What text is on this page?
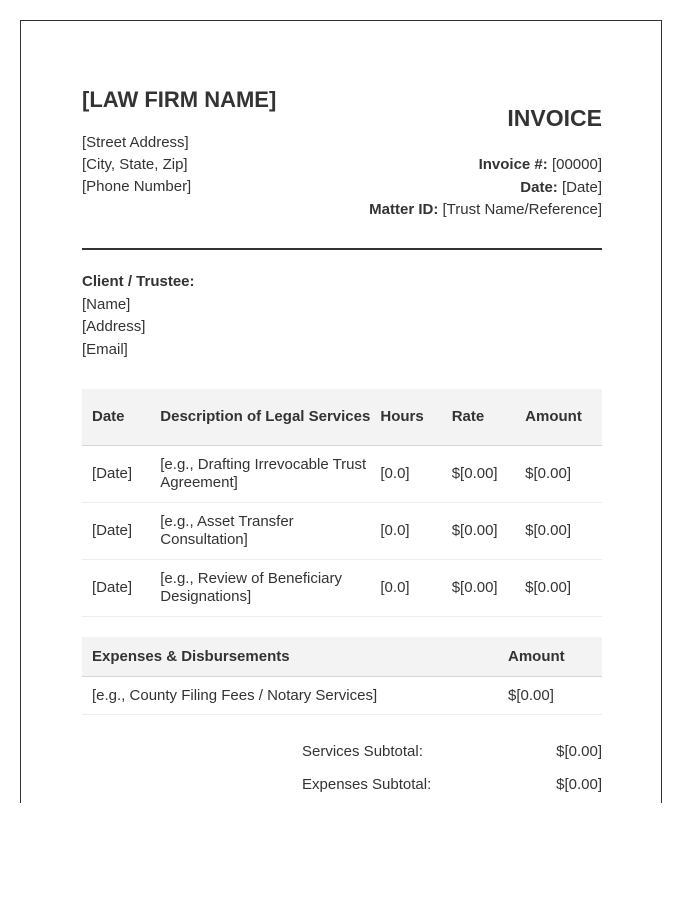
[LAW FIRM NAME]
[Street Address]
[City, State, Zip]
[Phone Number]
INVOICE
Invoice #: [00000]
Date: [Date]
Matter ID: [Trust Name/Reference]
Client / Trustee:
[Name]
[Address]
[Email]
Date	Description of Legal Services	Hours	Rate	Amount
[Date]	[e.g., Drafting Irrevocable Trust Agreement]	[0.0]	$[0.00]	$[0.00]
[Date]	[e.g., Asset Transfer Consultation]	[0.0]	$[0.00]	$[0.00]
[Date]	[e.g., Review of Beneficiary Designations]	[0.0]	$[0.00]	$[0.00]
Expenses & Disbursements	Amount
[e.g., County Filing Fees / Notary Services]	$[0.00]
Services Subtotal:	$[0.00]
Expenses Subtotal:	$[0.00]
